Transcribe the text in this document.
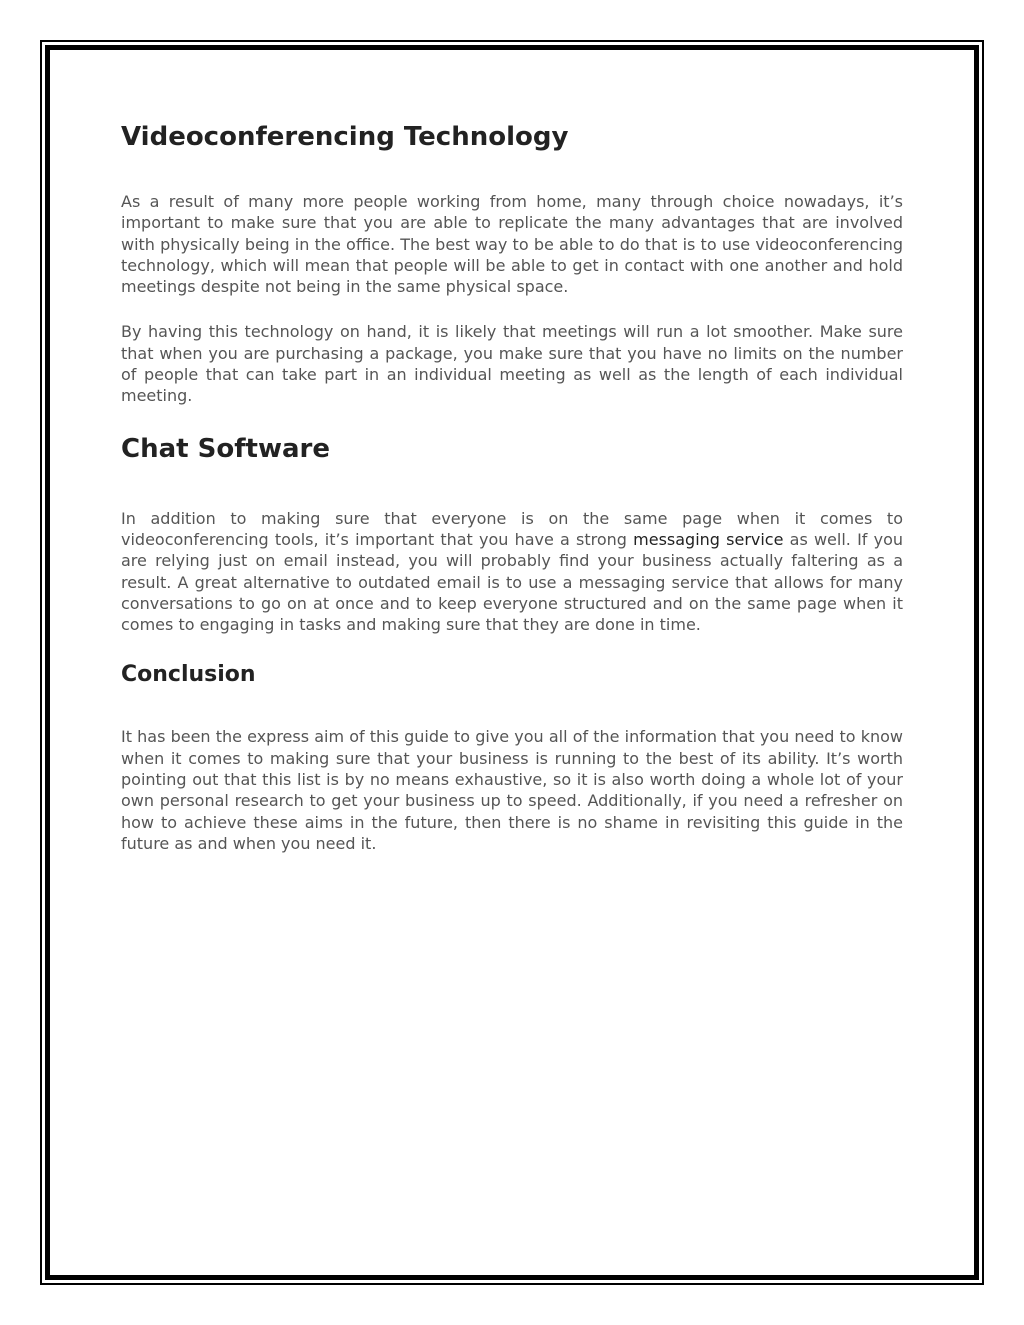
Videoconferencing Technology

As a result of many more people working from home, many through choice nowadays, it’s important to make sure that you are able to replicate the many advantages that are involved with physically being in the office. The best way to be able to do that is to use videoconferencing technology, which will mean that people will be able to get in contact with one another and hold meetings despite not being in the same physical space.

By having this technology on hand, it is likely that meetings will run a lot smoother. Make sure that when you are purchasing a package, you make sure that you have no limits on the number of people that can take part in an individual meeting as well as the length of each individual meeting.

Chat Software

In addition to making sure that everyone is on the same page when it comes to videoconferencing tools, it’s important that you have a strong messaging service as well. If you are relying just on email instead, you will probably find your business actually faltering as a result. A great alternative to outdated email is to use a messaging service that allows for many conversations to go on at once and to keep everyone structured and on the same page when it comes to engaging in tasks and making sure that they are done in time.

Conclusion

It has been the express aim of this guide to give you all of the information that you need to know when it comes to making sure that your business is running to the best of its ability. It’s worth pointing out that this list is by no means exhaustive, so it is also worth doing a whole lot of your own personal research to get your business up to speed. Additionally, if you need a refresher on how to achieve these aims in the future, then there is no shame in revisiting this guide in the future as and when you need it.
